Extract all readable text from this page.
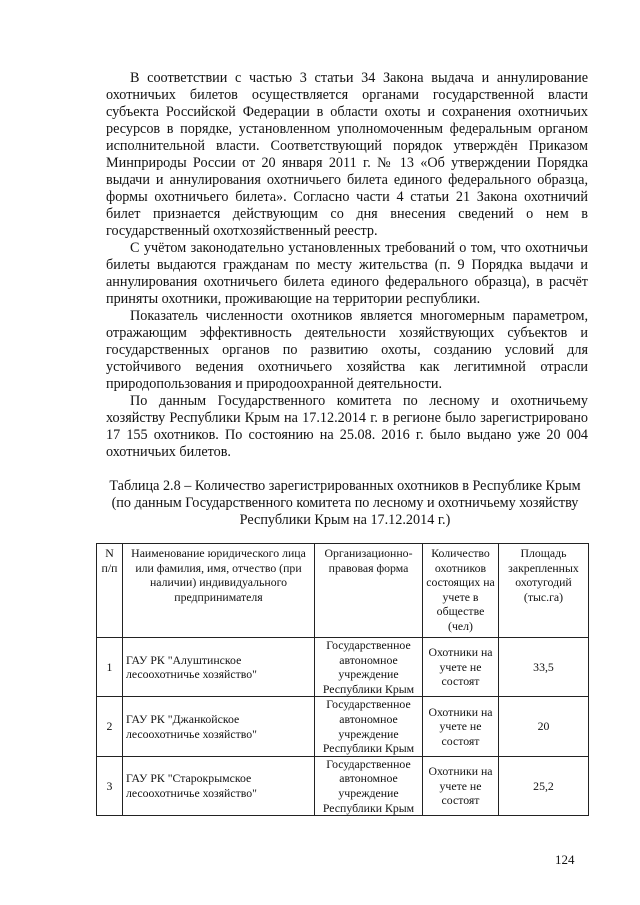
В соответствии с частью 3 статьи 34 Закона выдача и аннулирование охотничьих билетов осуществляется органами государственной власти субъекта Российской Федерации в области охоты и сохранения охотничьих ресурсов в порядке, установленном уполномоченным федеральным органом исполнительной власти. Соответствующий порядок утверждён Приказом Минприроды России от 20 января 2011 г. № 13 «Об утверждении Порядка выдачи и аннулирования охотничьего билета единого федерального образца, формы охотничьего билета». Согласно части 4 статьи 21 Закона охотничий билет признается действующим со дня внесения сведений о нем в государственный охотхозяйственный реестр.

С учётом законодательно установленных требований о том, что охотничьи билеты выдаются гражданам по месту жительства (п. 9 Порядка выдачи и аннулирования охотничьего билета единого федерального образца), в расчёт приняты охотники, проживающие на территории республики.

Показатель численности охотников является многомерным параметром, отражающим эффективность деятельности хозяйствующих субъектов и государственных органов по развитию охоты, созданию условий для устойчивого ведения охотничьего хозяйства как легитимной отрасли природопользования и природоохранной деятельности.

По данным Государственного комитета по лесному и охотничьему хозяйству Республики Крым на 17.12.2014 г. в регионе было зарегистрировано 17 155 охотников. По состоянию на 25.08. 2016 г. было выдано уже 20 004 охотничьих билетов.

Таблица 2.8 – Количество зарегистрированных охотников в Республике Крым (по данным Государственного комитета по лесному и охотничьему хозяйству Республики Крым на 17.12.2014 г.)

N п/п	Наименование юридического лица или фамилия, имя, отчество (при наличии) индивидуального предпринимателя	Организационно-правовая форма	Количество охотников состоящих на учете в обществе (чел)	Площадь закрепленных охотугодий (тыс.га)
1	ГАУ РК "Алуштинское лесоохотничье хозяйство"	Государственное автономное учреждение Республики Крым	Охотники на учете не состоят	33,5
2	ГАУ РК "Джанкойское лесоохотничье хозяйство"	Государственное автономное учреждение Республики Крым	Охотники на учете не состоят	20
3	ГАУ РК "Старокрымское лесоохотничье хозяйство"	Государственное автономное учреждение Республики Крым	Охотники на учете не состоят	25,2
124
